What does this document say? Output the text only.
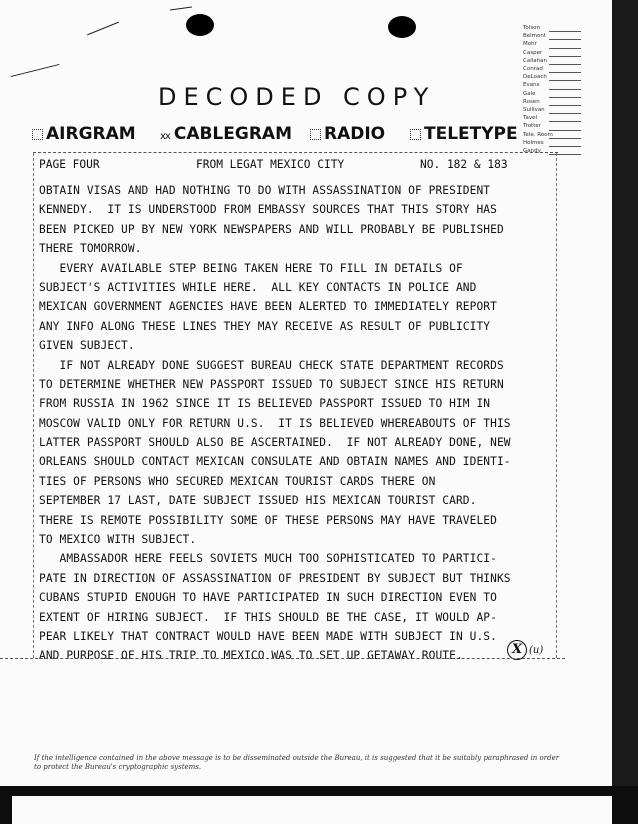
Tolson
Belmont
Mohr
Casper
Callahan
Conrad
DeLoach
Evans
Gale
Rosen
Sullivan
Tavel
Trotter
Tele. Room
Holmes
Gandy
DECODED COPY
AIRGRAM xx CABLEGRAM	RADIO	TELETYPE
PAGE FOUR	FROM LEGAT MEXICO CITY	NO. 182 & 183
OBTAIN VISAS AND HAD NOTHING TO DO WITH ASSASSINATION OF PRESIDENT
KENNEDY.  IT IS UNDERSTOOD FROM EMBASSY SOURCES THAT THIS STORY HAS
BEEN PICKED UP BY NEW YORK NEWSPAPERS AND WILL PROBABLY BE PUBLISHED
THERE TOMORROW.
EVERY AVAILABLE STEP BEING TAKEN HERE TO FILL IN DETAILS OF
SUBJECT'S ACTIVITIES WHILE HERE.  ALL KEY CONTACTS IN POLICE AND
MEXICAN GOVERNMENT AGENCIES HAVE BEEN ALERTED TO IMMEDIATELY REPORT
ANY INFO ALONG THESE LINES THEY MAY RECEIVE AS RESULT OF PUBLICITY
GIVEN SUBJECT.
IF NOT ALREADY DONE SUGGEST BUREAU CHECK STATE DEPARTMENT RECORDS
TO DETERMINE WHETHER NEW PASSPORT ISSUED TO SUBJECT SINCE HIS RETURN
FROM RUSSIA IN 1962 SINCE IT IS BELIEVED PASSPORT ISSUED TO HIM IN
MOSCOW VALID ONLY FOR RETURN U.S.  IT IS BELIEVED WHEREABOUTS OF THIS
LATTER PASSPORT SHOULD ALSO BE ASCERTAINED.  IF NOT ALREADY DONE, NEW
ORLEANS SHOULD CONTACT MEXICAN CONSULATE AND OBTAIN NAMES AND IDENTI-
TIES OF PERSONS WHO SECURED MEXICAN TOURIST CARDS THERE ON
SEPTEMBER 17 LAST, DATE SUBJECT ISSUED HIS MEXICAN TOURIST CARD.
THERE IS REMOTE POSSIBILITY SOME OF THESE PERSONS MAY HAVE TRAVELED
TO MEXICO WITH SUBJECT.
AMBASSADOR HERE FEELS SOVIETS MUCH TOO SOPHISTICATED TO PARTICI-
PATE IN DIRECTION OF ASSASSINATION OF PRESIDENT BY SUBJECT BUT THINKS
CUBANS STUPID ENOUGH TO HAVE PARTICIPATED IN SUCH DIRECTION EVEN TO
EXTENT OF HIRING SUBJECT.  IF THIS SHOULD BE THE CASE, IT WOULD AP-
PEAR LIKELY THAT CONTRACT WOULD HAVE BEEN MADE WITH SUBJECT IN U.S.
AND PURPOSE OF HIS TRIP TO MEXICO WAS TO SET UP GETAWAY ROUTE.	X (u)
If the intelligence contained in the above message is to be disseminated outside the Bureau, it is suggested that it be suitably paraphrased in order to protect the Bureau's cryptographic systems.
